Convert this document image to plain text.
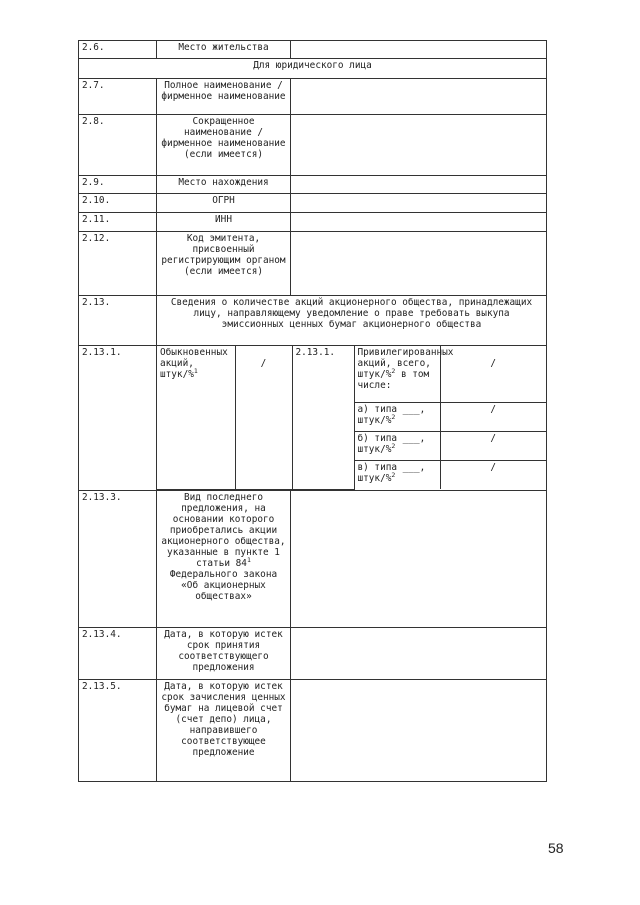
2.6.	Место жительства	
Для юридического лица
2.7.	Полное наименование / фирменное наименование	
2.8.	Сокращенное наименование / фирменное наименование (если имеется)	
2.9.	Место нахождения	
2.10.	ОГРН	
2.11.	ИНН	
2.12.	Код эмитента, присвоенный регистрирующим органом (если имеется)	
2.13.	Сведения о количестве акций акционерного общества, принадлежащих лицу, направляющему уведомление о праве требовать выкупа эмиссионных ценных бумаг акционерного общества
2.13.1.		Обыкновенных акций, штук/%$^1$	/	2.13.1.	Привилегированных акций, всего, штук/%$^2$ в том числе:	/
а) типа ___, штук/%$^2$	/
б) типа ___, штук/%$^2$	/
в) типа ___, штук/%$^2$	/

2.13.3.	Вид последнего предложения, на основании которого приобретались акции акционерного общества, указанные в пункте 1 статьи $84^1$ Федерального закона «Об акционерных обществах»	
2.13.4.	Дата, в которую истек срок принятия соответствующего предложения	
2.13.5.	Дата, в которую истек срок зачисления ценных бумаг на лицевой счет (счет депо) лица, направившего соответствующее предложение	
58
